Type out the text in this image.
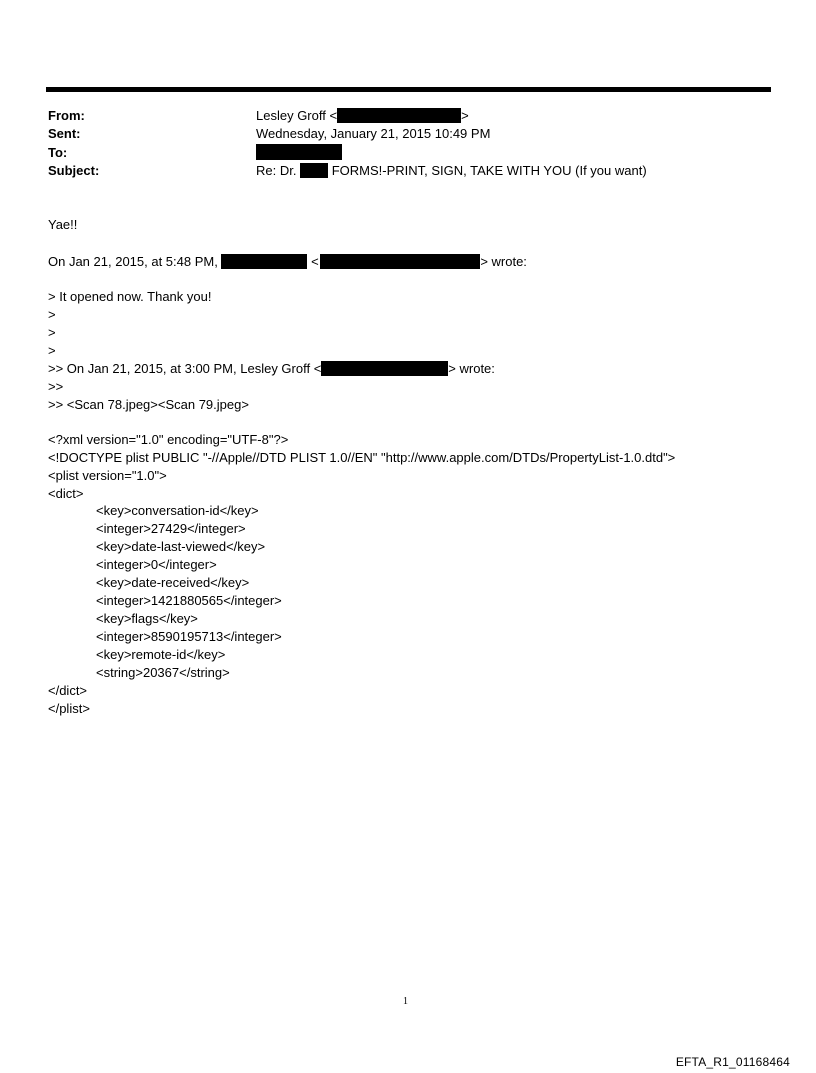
From:	Lesley Groff <	>
Sent:	Wednesday, January 21, 2015 10:49 PM
To:
Subject:	Re: Dr.	FORMS!-PRINT, SIGN, TAKE WITH YOU (If you want)
Yae!!
On Jan 21, 2015, at 5:48 PM,	<	> wrote:
> It opened now. Thank you!
>
>
>
>> On Jan 21, 2015, at 3:00 PM, Lesley Groff <	> wrote:
>>
>> <Scan 78.jpeg><Scan 79.jpeg>
<?xml version="1.0" encoding="UTF-8"?>
<!DOCTYPE plist PUBLIC "-//Apple//DTD PLIST 1.0//EN" "http://www.apple.com/DTDs/PropertyList-1.0.dtd">
<plist version="1.0">
<dict>
<key>conversation-id</key>
<integer>27429</integer>
<key>date-last-viewed</key>
<integer>0</integer>
<key>date-received</key>
<integer>1421880565</integer>
<key>flags</key>
<integer>8590195713</integer>
<key>remote-id</key>
<string>20367</string>
</dict>
</plist>
1
EFTA_R1_01168464
